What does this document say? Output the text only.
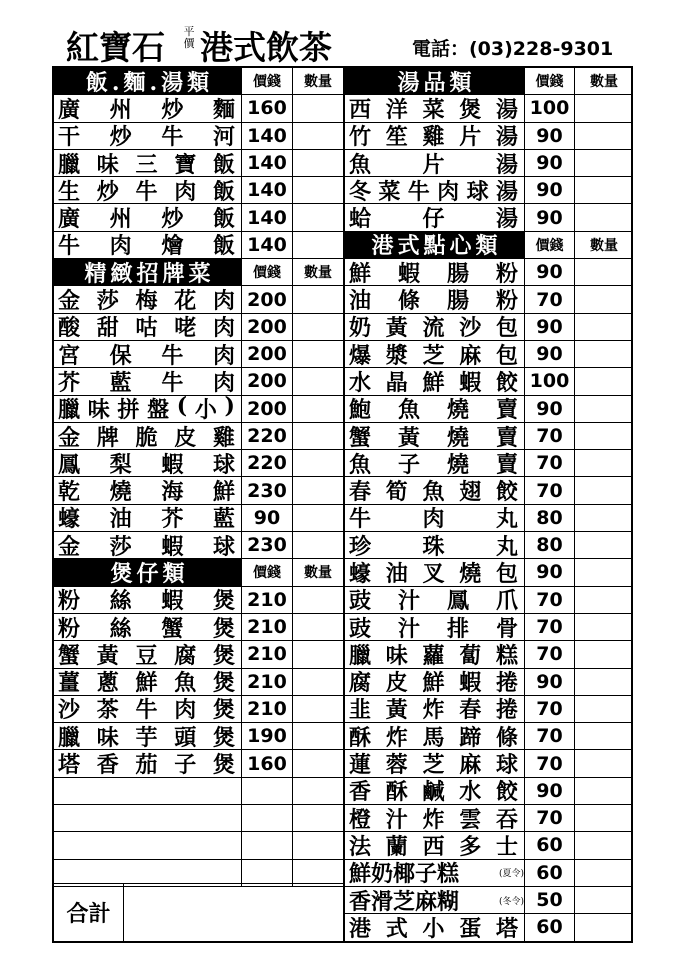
紅寶石 平價 港式飲茶	電話：(03)228-9301
飯.麵.湯類	價錢	數量
廣 州 炒 麵 160
干 炒 牛 河 140
臘 味 三 寶 飯 140
生 炒 牛 肉 飯 140
廣 州 炒 飯 140
牛 肉 燴 飯 140
精緻招牌菜	價錢	數量
金 莎 梅 花 肉 200
酸 甜 咕 咾 肉 200
宮 保 牛 肉 200
芥 藍 牛 肉 200
臘 味 拼 盤 ( 小 ) 200
金 牌 脆 皮 雞 220
鳳 梨 蝦 球 220
乾 燒 海 鮮 230
蠔 油 芥 藍 90
金 莎 蝦 球 230
煲仔類	價錢	數量
粉 絲 蝦 煲 210
粉 絲 蟹 煲 210
蟹 黃 豆 腐 煲 210
薑 蔥 鮮 魚 煲 210
沙 茶 牛 肉 煲 210
臘 味 芋 頭 煲 190
塔 香 茄 子 煲 160
湯品類	價錢	數量
西 洋 菜 煲 湯 100
竹 笙 雞 片 湯 90
魚 片 湯 90
冬 菜 牛 肉 球 湯 90
蛤 仔 湯 90
港式點心類	價錢	數量
鮮 蝦 腸 粉 90
油 條 腸 粉 70
奶 黃 流 沙 包 90
爆 漿 芝 麻 包 90
水 晶 鮮 蝦 餃 100
鮑 魚 燒 賣 90
蟹 黃 燒 賣 70
魚 子 燒 賣 70
春 筍 魚 翅 餃 70
牛 肉 丸 80
珍 珠 丸 80
蠔 油 叉 燒 包 90
豉 汁 鳳 爪 70
豉 汁 排 骨 70
臘 味 蘿 蔔 糕 70
腐 皮 鮮 蝦 捲 90
韭 黃 炸 春 捲 70
酥 炸 馬 蹄 條 70
蓮 蓉 芝 麻 球 70
香 酥 鹹 水 餃 90
橙 汁 炸 雲 吞 70
法 蘭 西 多 士 60
鮮奶椰子糕	(夏令) 60
香滑芝麻糊	(冬令) 50
港 式 小 蛋 塔 60
合計
